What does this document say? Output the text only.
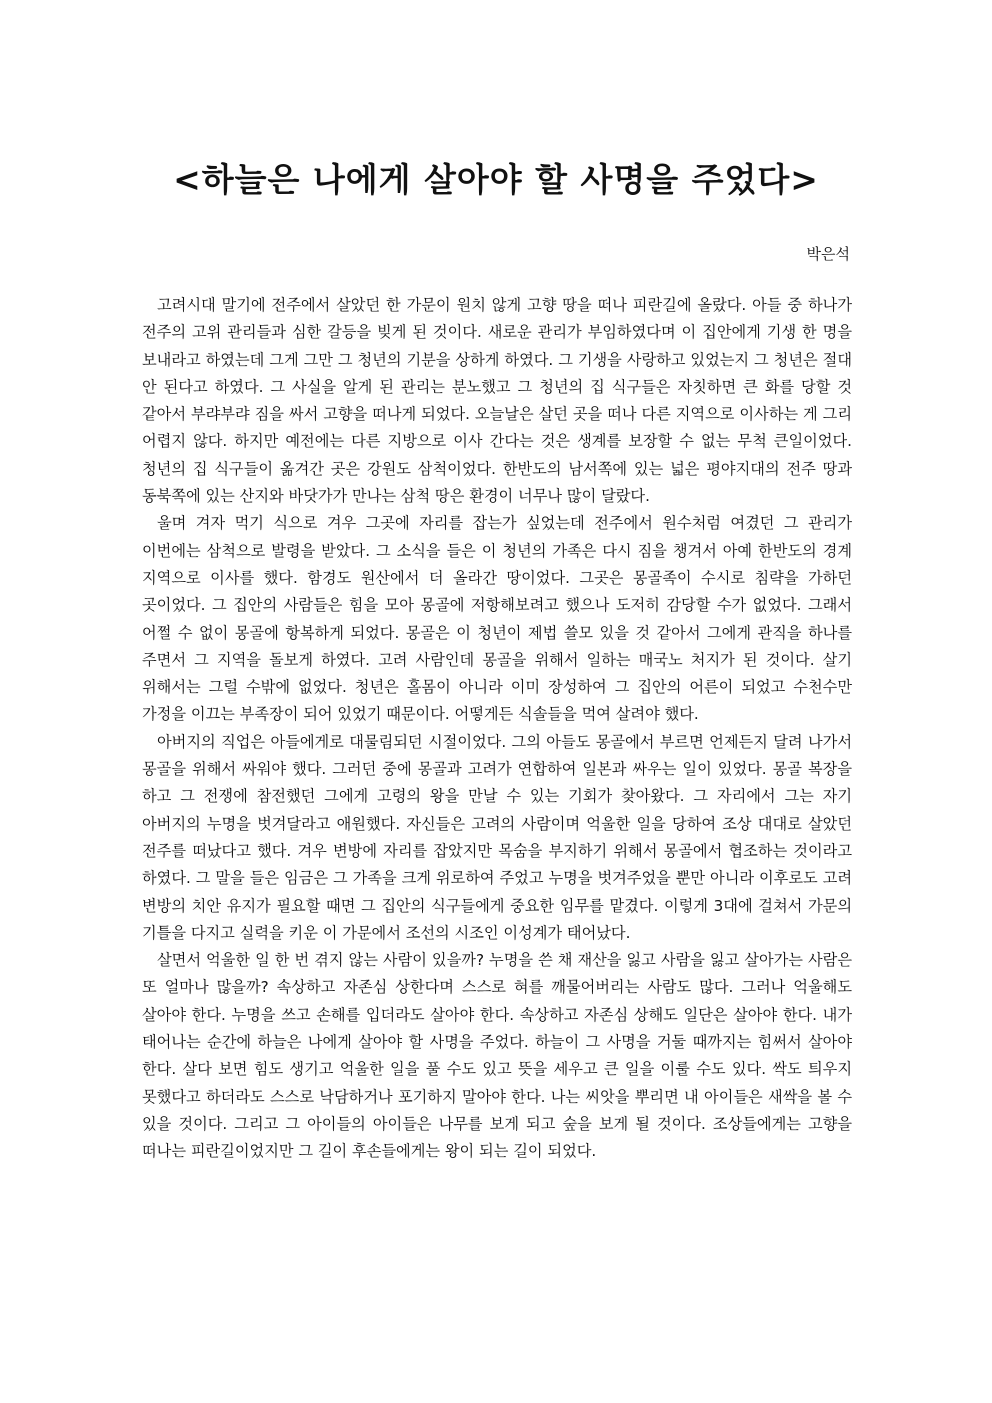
<하늘은 나에게 살아야 할 사명을 주었다>

박은석

고려시대 말기에 전주에서 살았던 한 가문이 원치 않게 고향 땅을 떠나 피란길에 올랐다. 아들 중 하나가 전주의 고위 관리들과 심한 갈등을 빚게 된 것이다. 새로운 관리가 부임하였다며 이 집안에게 기생 한 명을 보내라고 하였는데 그게 그만 그 청년의 기분을 상하게 하였다. 그 기생을 사랑하고 있었는지 그 청년은 절대 안 된다고 하였다. 그 사실을 알게 된 관리는 분노했고 그 청년의 집 식구들은 자칫하면 큰 화를 당할 것 같아서 부랴부랴 짐을 싸서 고향을 떠나게 되었다. 오늘날은 살던 곳을 떠나 다른 지역으로 이사하는 게 그리 어렵지 않다. 하지만 예전에는 다른 지방으로 이사 간다는 것은 생계를 보장할 수 없는 무척 큰일이었다. 청년의 집 식구들이 옮겨간 곳은 강원도 삼척이었다. 한반도의 남서쪽에 있는 넓은 평야지대의 전주 땅과 동북쪽에 있는 산지와 바닷가가 만나는 삼척 땅은 환경이 너무나 많이 달랐다.

울며 겨자 먹기 식으로 겨우 그곳에 자리를 잡는가 싶었는데 전주에서 원수처럼 여겼던 그 관리가 이번에는 삼척으로 발령을 받았다. 그 소식을 들은 이 청년의 가족은 다시 짐을 챙겨서 아예 한반도의 경계 지역으로 이사를 했다. 함경도 원산에서 더 올라간 땅이었다. 그곳은 몽골족이 수시로 침략을 가하던 곳이었다. 그 집안의 사람들은 힘을 모아 몽골에 저항해보려고 했으나 도저히 감당할 수가 없었다. 그래서 어쩔 수 없이 몽골에 항복하게 되었다. 몽골은 이 청년이 제법 쓸모 있을 것 같아서 그에게 관직을 하나를 주면서 그 지역을 돌보게 하였다. 고려 사람인데 몽골을 위해서 일하는 매국노 처지가 된 것이다. 살기 위해서는 그럴 수밖에 없었다. 청년은 홀몸이 아니라 이미 장성하여 그 집안의 어른이 되었고 수천수만 가정을 이끄는 부족장이 되어 있었기 때문이다. 어떻게든 식솔들을 먹여 살려야 했다.

아버지의 직업은 아들에게로 대물림되던 시절이었다. 그의 아들도 몽골에서 부르면 언제든지 달려 나가서 몽골을 위해서 싸워야 했다. 그러던 중에 몽골과 고려가 연합하여 일본과 싸우는 일이 있었다. 몽골 복장을 하고 그 전쟁에 참전했던 그에게 고령의 왕을 만날 수 있는 기회가 찾아왔다. 그 자리에서 그는 자기 아버지의 누명을 벗겨달라고 애원했다. 자신들은 고려의 사람이며 억울한 일을 당하여 조상 대대로 살았던 전주를 떠났다고 했다. 겨우 변방에 자리를 잡았지만 목숨을 부지하기 위해서 몽골에서 협조하는 것이라고 하였다. 그 말을 들은 임금은 그 가족을 크게 위로하여 주었고 누명을 벗겨주었을 뿐만 아니라 이후로도 고려 변방의 치안 유지가 필요할 때면 그 집안의 식구들에게 중요한 임무를 맡겼다. 이렇게 3대에 걸쳐서 가문의 기틀을 다지고 실력을 키운 이 가문에서 조선의 시조인 이성계가 태어났다.

살면서 억울한 일 한 번 겪지 않는 사람이 있을까? 누명을 쓴 채 재산을 잃고 사람을 잃고 살아가는 사람은 또 얼마나 많을까? 속상하고 자존심 상한다며 스스로 혀를 깨물어버리는 사람도 많다. 그러나 억울해도 살아야 한다. 누명을 쓰고 손해를 입더라도 살아야 한다. 속상하고 자존심 상해도 일단은 살아야 한다. 내가 태어나는 순간에 하늘은 나에게 살아야 할 사명을 주었다. 하늘이 그 사명을 거둘 때까지는 힘써서 살아야 한다. 살다 보면 힘도 생기고 억울한 일을 풀 수도 있고 뜻을 세우고 큰 일을 이룰 수도 있다. 싹도 틔우지 못했다고 하더라도 스스로 낙담하거나 포기하지 말아야 한다. 나는 씨앗을 뿌리면 내 아이들은 새싹을 볼 수 있을 것이다. 그리고 그 아이들의 아이들은 나무를 보게 되고 숲을 보게 될 것이다. 조상들에게는 고향을 떠나는 피란길이었지만 그 길이 후손들에게는 왕이 되는 길이 되었다.
